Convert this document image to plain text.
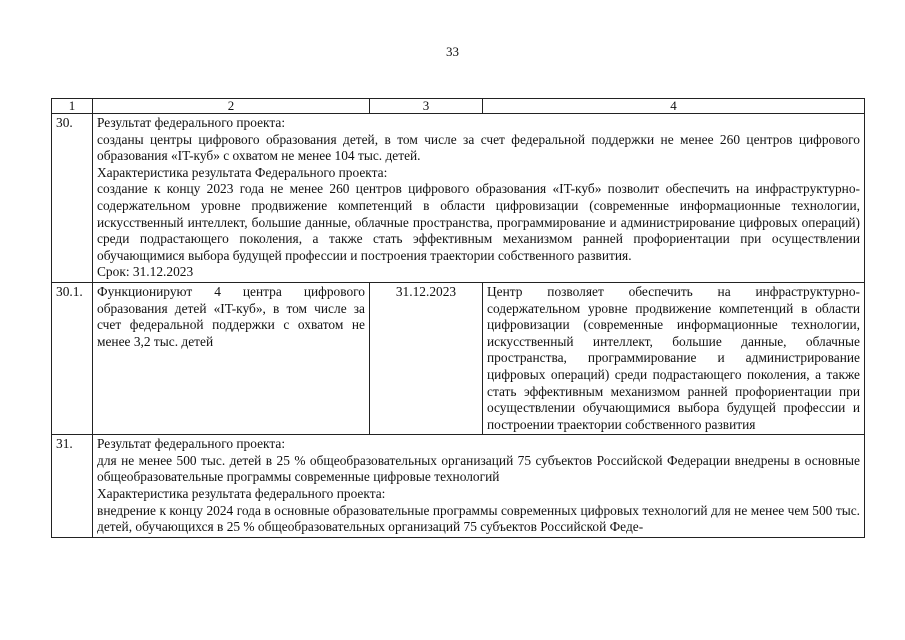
33
1	2	3	4
30.	Результат федерального проекта:

созданы центры цифрового образования детей, в том числе за счет федеральной поддержки не менее 260 центров цифрового образования «IT-куб» с охватом не менее 104 тыс. детей.

Характеристика результата Федерального проекта:

создание к концу 2023 года не менее 260 центров цифрового образования «IT-куб» позволит обеспечить на инфраструктурно-содержательном уровне продвижение компетенций в области цифровизации (современные информационные технологии, искусственный интеллект, большие данные, облачные пространства, программирование и администрирование цифровых операций) среди подрастающего поколения, а также стать эффективным механизмом ранней профориентации при осуществлении обучающимися выбора будущей профессии и построения траектории собственного развития.

Срок: 31.12.2023		

30.1.	Функционируют 4 центра цифрового образования детей «IT-куб», в том числе за счет федеральной поддержки с охватом не менее 3,2 тыс. детей	31.12.2023	Центр позволяет обеспечить на инфраструктурно-содержательном уровне продвижение компетенций в области цифровизации (современные информационные технологии, искусственный интеллект, большие данные, облачные пространства, программирование и администрирование цифровых операций) среди подрастающего поколения, а также стать эффективным механизмом ранней профориентации при осуществлении обучающимися выбора будущей профессии и построении траектории собственного развития
31.	Результат федерального проекта:

для не менее 500 тыс. детей в 25 % общеобразовательных организаций 75 субъектов Российской Федерации внедрены в основные общеобразовательные программы современные цифровые технологий

Характеристика результата федерального проекта:

внедрение к концу 2024 года в основные образовательные программы современных цифровых технологий для не менее чем 500 тыс. детей, обучающихся в 25 % общеобразовательных организаций 75 субъектов Российской Феде-		
